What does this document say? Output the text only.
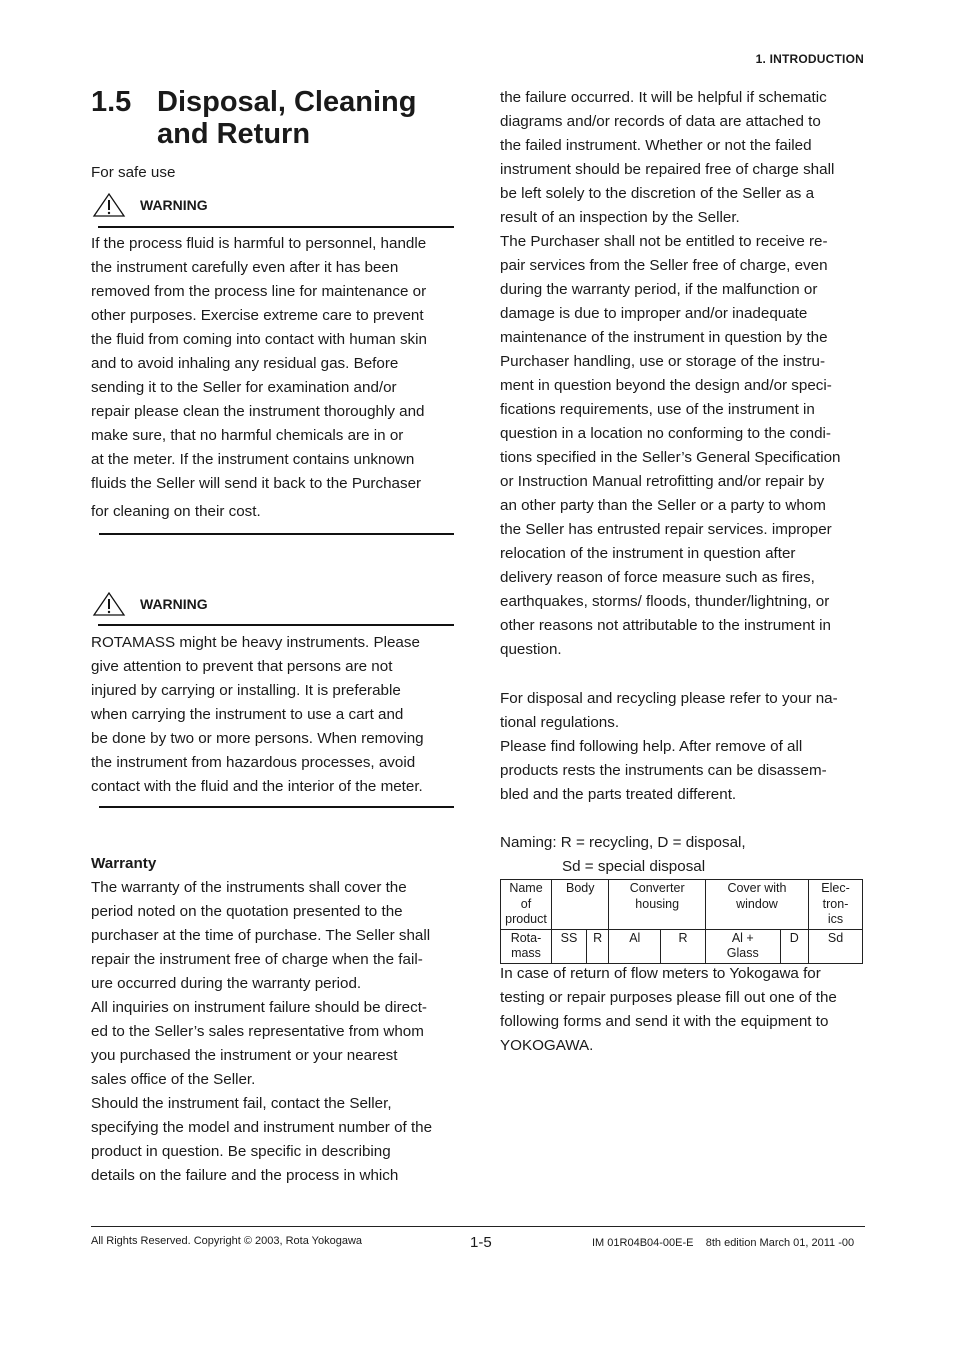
1. INTRODUCTION
1.5 Disposal, Cleaning
and Return
For safe use
WARNING
If the process fluid is harmful to personnel, handle
the instrument carefully even after it has been
removed from the process line for maintenance or
other purposes. Exercise extreme care to prevent
the fluid from coming into contact with human skin
and to avoid inhaling any residual gas. Before
sending it to the Seller for examination and/or
repair please clean the instrument thoroughly and
make sure, that no harmful chemicals are in or
at the meter. If the instrument contains unknown
fluids the Seller will send it back to the Purchaser
for cleaning on their cost.
WARNING
ROTAMASS might be heavy instruments. Please
give attention to prevent that persons are not
injured by carrying or installing. It is preferable
when carrying the instrument to use a cart and
be done by two or more persons. When removing
the instrument from hazardous processes, avoid
contact with the fluid and the interior of the meter.
Warranty
The warranty of the instruments shall cover the
period noted on the quotation presented to the
purchaser at the time of purchase. The Seller shall
repair the instrument free of charge when the fail-
ure occurred during the warranty period.
All inquiries on instrument failure should be direct-
ed to the Seller’s sales representative from whom
you purchased the instrument or your nearest
sales office of the Seller.
Should the instrument fail, contact the Seller,
specifying the model and instrument number of the
product in question. Be specific in describing
details on the failure and the process in which
the failure occurred. It will be helpful if schematic
diagrams and/or records of data are attached to
the failed instrument. Whether or not the failed
instrument should be repaired free of charge shall
be left solely to the discretion of the Seller as a
result of an inspection by the Seller.
The Purchaser shall not be entitled to receive re-
pair services from the Seller free of charge, even
during the warranty period, if the malfunction or
damage is due to improper and/or inadequate
maintenance of the instrument in question by the
Purchaser handling, use or storage of the instru-
ment in question beyond the design and/or speci-
fications requirements, use of the instrument in
question in a location no conforming to the condi-
tions specified in the Seller’s General Specification
or Instruction Manual retrofitting and/or repair by
an other party than the Seller or a party to whom
the Seller has entrusted repair services. improper
relocation of the instrument in question after
delivery reason of force measure such as fires,
earthquakes, storms/ floods, thunder/lightning, or
other reasons not attributable to the instrument in
question.
For disposal and recycling please refer to your na-
tional regulations.
Please find following help. After remove of all
products rests the instruments can be disassem-
bled and the parts treated different.
Naming: R = recycling, D = disposal,
Sd = special disposal
Name
of
product	Body		Converter
housing		Cover with
window		Elec-
tron-
ics
Rota-
mass	SS	R	Al	R	Al +
Glass	D	Sd
In case of return of flow meters to Yokogawa for
testing or repair purposes please fill out one of the
following forms and send it with the equipment to
YOKOGAWA.
All Rights Reserved. Copyright © 2003, Rota Yokogawa	1-5	IM 01R04B04-00E-E    8th edition March 01, 2011 -00
